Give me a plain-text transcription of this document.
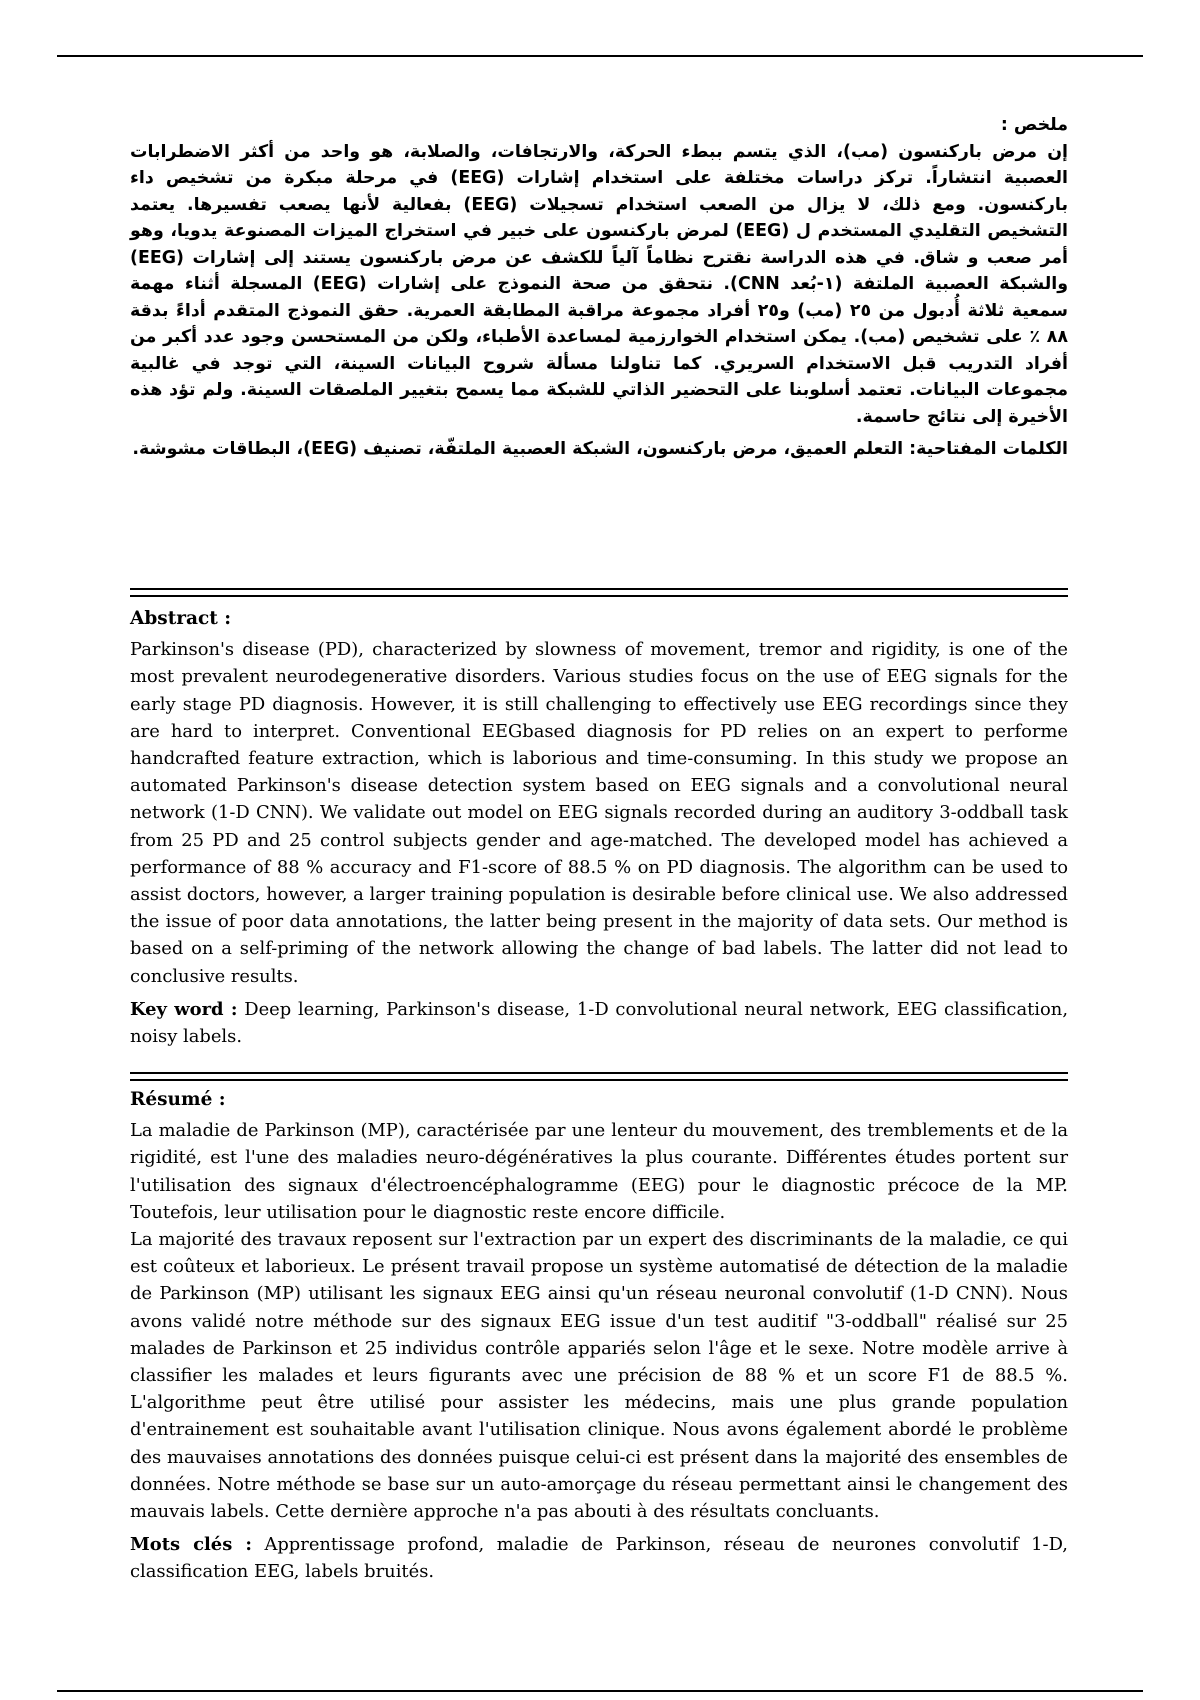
ملخص :

إن مرض باركنسون (مب)، الذي يتسم ببطء الحركة، والارتجافات، والصلابة، هو واحد من أكثر الاضطرابات العصبية انتشاراً. تركز دراسات مختلفة على استخدام إشارات (EEG) في مرحلة مبكرة من تشخيص داء باركنسون. ومع ذلك، لا يزال من الصعب استخدام تسجيلات (EEG) بفعالية لأنها يصعب تفسيرها. يعتمد التشخيص التقليدي المستخدم ل (EEG) لمرض باركنسون على خبير في استخراج الميزات المصنوعة يدويا، وهو أمر صعب و شاق. في هذه الدراسة نقترح نظاماً آلياً للكشف عن مرض باركنسون يستند إلى إشارات (EEG) والشبكة العصبية الملتفة (١-بُعد CNN). نتحقق من صحة النموذج على إشارات (EEG) المسجلة أثناء مهمة سمعية ثلاثة أُدبول من ٢٥ (مب) و٢٥ أفراد مجموعة مراقبة المطابقة العمرية. حقق النموذج المتقدم أداءً بدقة ٨٨ ٪ على تشخيص (مب). يمكن استخدام الخوارزمية لمساعدة الأطباء، ولكن من المستحسن وجود عدد أكبر من أفراد التدريب قبل الاستخدام السريري. كما تناولنا مسألة شروح البيانات السينة، التي توجد في غالبية مجموعات البيانات. تعتمد أسلوبنا على التحضير الذاتي للشبكة مما يسمح بتغيير الملصقات السينة. ولم تؤد هذه الأخيرة إلى نتائج حاسمة.

الكلمات المفتاحية: التعلم العميق، مرض باركنسون، الشبكة العصبية الملتفّة، تصنيف (EEG)، البطاقات مشوشة.

Abstract :

Parkinson's disease (PD), characterized by slowness of movement, tremor and rigidity, is one of the most prevalent neurodegenerative disorders. Various studies focus on the use of EEG signals for the early stage PD diagnosis. However, it is still challenging to effectively use EEG recordings since they are hard to interpret. Conventional EEGbased diagnosis for PD relies on an expert to performe handcrafted feature extraction, which is laborious and time-consuming. In this study we propose an automated Parkinson's disease detection system based on EEG signals and a convolutional neural network (1-D CNN). We validate out model on EEG signals recorded during an auditory 3-oddball task from 25 PD and 25 control subjects gender and age-matched. The developed model has achieved a performance of 88 % accuracy and F1-score of 88.5 % on PD diagnosis. The algorithm can be used to assist doctors, however, a larger training population is desirable before clinical use. We also addressed the issue of poor data annotations, the latter being present in the majority of data sets. Our method is based on a self-priming of the network allowing the change of bad labels. The latter did not lead to conclusive results.

Key word : Deep learning, Parkinson's disease, 1-D convolutional neural network, EEG classification, noisy labels.

Résumé :

La maladie de Parkinson (MP), caractérisée par une lenteur du mouvement, des tremblements et de la rigidité, est l'une des maladies neuro-dégénératives la plus courante. Différentes études portent sur l'utilisation des signaux d'électroencéphalogramme (EEG) pour le diagnostic précoce de la MP. Toutefois, leur utilisation pour le diagnostic reste encore difficile.

La majorité des travaux reposent sur l'extraction par un expert des discriminants de la maladie, ce qui est coûteux et laborieux. Le présent travail propose un système automatisé de détection de la maladie de Parkinson (MP) utilisant les signaux EEG ainsi qu'un réseau neuronal convolutif (1-D CNN). Nous avons validé notre méthode sur des signaux EEG issue d'un test auditif "3-oddball" réalisé sur 25 malades de Parkinson et 25 individus contrôle appariés selon l'âge et le sexe. Notre modèle arrive à classifier les malades et leurs figurants avec une précision de 88 % et un score F1 de 88.5 %. L'algorithme peut être utilisé pour assister les médecins, mais une plus grande population d'entrainement est souhaitable avant l'utilisation clinique. Nous avons également abordé le problème des mauvaises annotations des données puisque celui-ci est présent dans la majorité des ensembles de données. Notre méthode se base sur un auto-amorçage du réseau permettant ainsi le changement des mauvais labels. Cette dernière approche n'a pas abouti à des résultats concluants.

Mots clés : Apprentissage profond, maladie de Parkinson, réseau de neurones convolutif 1-D, classification EEG, labels bruités.
